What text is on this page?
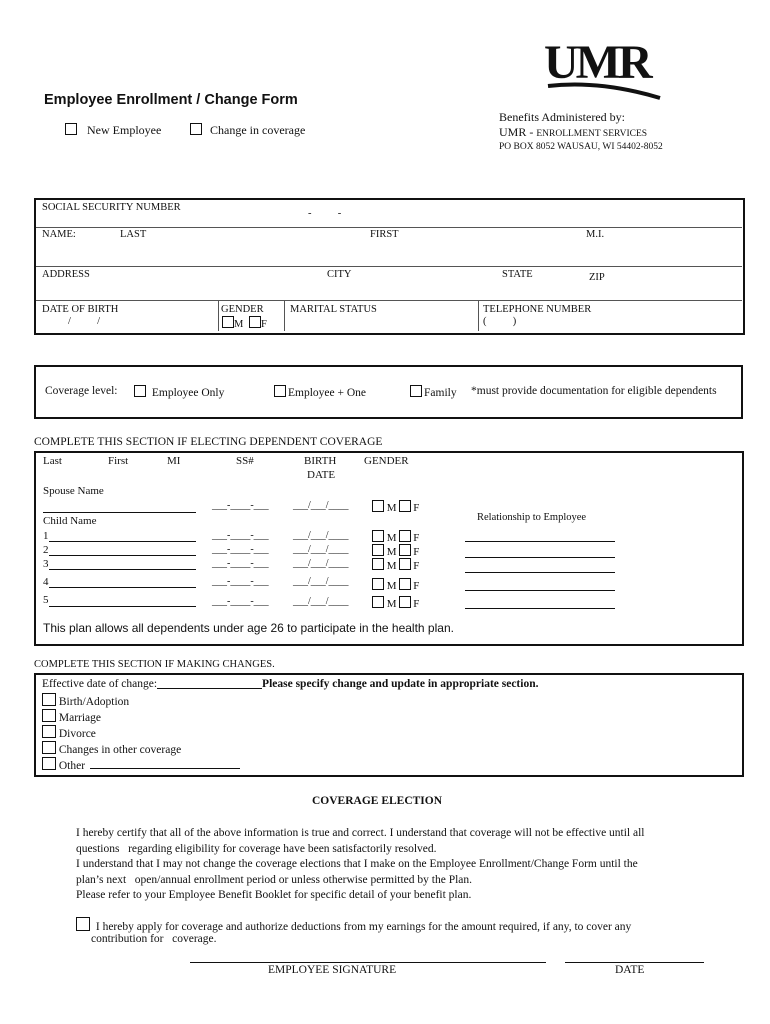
UMR
Employee Enrollment / Change Form
New Employee	Change in coverage
Benefits Administered by:
UMR - ENROLLMENT SERVICES
PO BOX 8052 WAUSAU, WI 54402-8052
SOCIAL SECURITY NUMBER
-          -
NAME:	LAST	FIRST	M.I.
ADDRESS	CITY	STATE	ZIP
DATE OF BIRTH
/          /
GENDER
M F
MARITAL STATUS	TELEPHONE NUMBER
(          )
Coverage level:	Employee Only	Employee + One	Family *must provide documentation for eligible dependents
COMPLETE THIS SECTION IF ELECTING DEPENDENT COVERAGE
Last	First	MI	SS#	BIRTH
DATE
GENDER
Spouse Name
___-____-___ ___/___/____	M F
Relationship to Employee
Child Name
1	___-____-___ ___/___/____	M F
2	___-____-___ ___/___/____	M F
3	___-____-___ ___/___/____	M F
4	___-____-___ ___/___/____	M F
5	___-____-___ ___/___/____	M F
This plan allows all dependents under age 26 to participate in the health plan.
COMPLETE THIS SECTION IF MAKING CHANGES.
Effective date of change:	Please specify change and update in appropriate section.
Birth/Adoption
Marriage
Divorce
Changes in other coverage
Other
COVERAGE ELECTION
I hereby certify that all of the above information is true and correct. I understand that coverage will not be effective until all
questions   regarding eligibility for coverage have been satisfactorily resolved.
I understand that I may not change the coverage elections that I make on the Employee Enrollment/Change Form until the
plan’s next   open/annual enrollment period or unless otherwise permitted by the Plan.
Please refer to your Employee Benefit Booklet for specific detail of your benefit plan.
I hereby apply for coverage and authorize deductions from my earnings for the amount required, if any, to cover any
contribution for   coverage.
EMPLOYEE SIGNATURE	DATE
